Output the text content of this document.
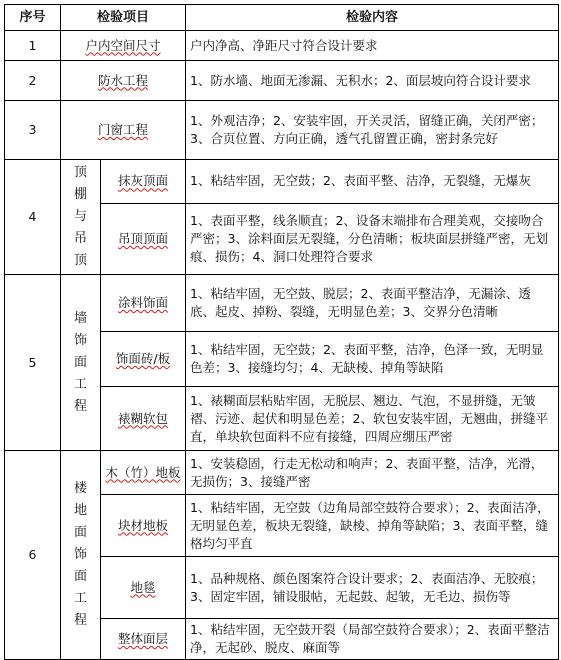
序号	检验项目		检验内容
1	户内空间尺寸		户内净高、净距尺寸符合设计要求
2	防水工程		1、防水墙、地面无渗漏、无积水；2、面层坡向符合设计要求
3	门窗工程		1、外观洁净；2、安装牢固，开关灵活，留缝正确，关闭严密；3、合页位置、方向正确，透气孔留置正确，密封条完好
4	顶棚与吊顶	抹灰顶面	1、粘结牢固，无空鼓；2、表面平整、洁净，无裂缝，无爆灰
		吊顶顶面	1、表面平整，线条顺直；2、设备末端排布合理美观，交接吻合严密；3、涂料面层无裂缝，分色清晰；板块面层拼缝严密，无划痕、损伤；4、洞口处理符合要求
5	墙饰面工程	涂料饰面	1、粘结牢固，无空鼓、脱层；2、表面平整洁净，无漏涂、透底、起皮、掉粉、裂缝，无明显色差；3、交界分色清晰
		饰面砖/板	1、粘结牢固，无空鼓；2、表面平整，洁净，色泽一致，无明显色差；3、接缝均匀；4、无缺棱、掉角等缺陷
		裱糊软包	1、裱糊面层粘贴牢固，无脱层、翘边、气泡，不显拼缝，无皱褶、污迹、起伏和明显色差；2、软包安装牢固，无翘曲，拼缝平直，单块软包面料不应有接缝，四周应绷压严密
6	楼地面饰面工程	木（竹）地板	1、安装稳固，行走无松动和响声；2、表面平整，洁净，光滑，无损伤；3、接缝严密
		块材地板	1、粘结牢固，无空鼓（边角局部空鼓符合要求）；2、表面洁净，无明显色差，板块无裂缝，缺棱、掉角等缺陷；3、表面平整，缝格均匀平直
		地毯	1、品种规格、颜色图案符合设计要求；2、表面洁净、无胶痕；3、固定牢固，铺设服帖，无起鼓、起皱，无毛边、损伤等
		整体面层	1、粘结牢固，无空鼓开裂（局部空鼓符合要求）；2、表面平整洁净，无起砂、脱皮、麻面等
